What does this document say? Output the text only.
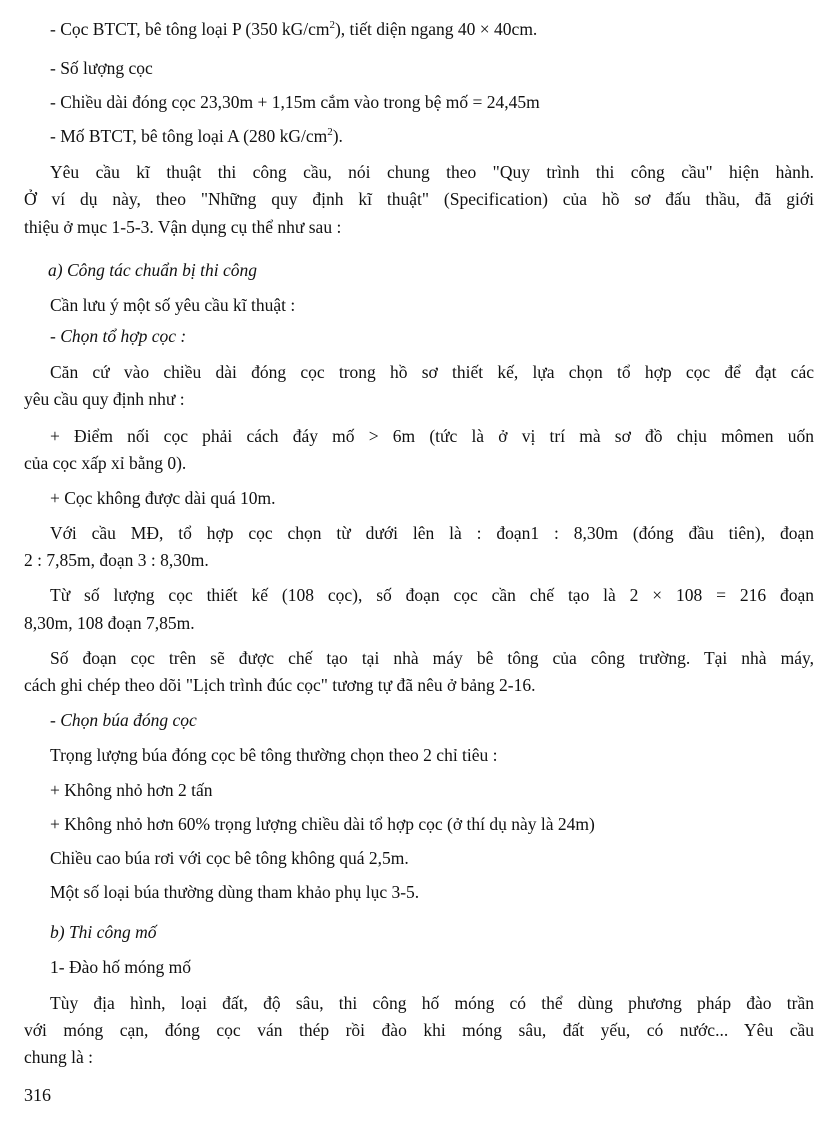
- Cọc BTCT, bê tông loại P (350 $kG/cm^2$), tiết diện ngang 40 × 40cm.
- Số lượng cọc
- Chiều dài đóng cọc 23,30m + 1,15m cắm vào trong bệ mố = 24,45m
- Mố BTCT, bê tông loại A (280 $kG/cm^2$).
Yêu cầu kĩ thuật thi công cầu, nói chung theo "Quy trình thi công cầu" hiện hành.
Ở ví dụ này, theo "Những quy định kĩ thuật" (Specification) của hồ sơ đấu thầu, đã giới
thiệu ở mục 1-5-3. Vận dụng cụ thể như sau :
a) Công tác chuẩn bị thi công
Cần lưu ý một số yêu cầu kĩ thuật :
- Chọn tổ hợp cọc :
Căn cứ vào chiều dài đóng cọc trong hồ sơ thiết kế, lựa chọn tổ hợp cọc để đạt các
yêu cầu quy định như :
+ Điểm nối cọc phải cách đáy mố > 6m (tức là ở vị trí mà sơ đồ chịu mômen uốn
của cọc xấp xỉ bằng 0).
+ Cọc không được dài quá 10m.
Với cầu MĐ, tổ hợp cọc chọn từ dưới lên là : đoạn1 : 8,30m (đóng đầu tiên), đoạn
2 : 7,85m, đoạn 3 : 8,30m.
Từ số lượng cọc thiết kế (108 cọc), số đoạn cọc cần chế tạo là 2 × 108 = 216 đoạn
8,30m, 108 đoạn 7,85m.
Số đoạn cọc trên sẽ được chế tạo tại nhà máy bê tông của công trường. Tại nhà máy,
cách ghi chép theo dõi "Lịch trình đúc cọc" tương tự đã nêu ở bảng 2-16.
- Chọn búa đóng cọc
Trọng lượng búa đóng cọc bê tông thường chọn theo 2 chỉ tiêu :
+ Không nhỏ hơn 2 tấn
+ Không nhỏ hơn 60% trọng lượng chiều dài tổ hợp cọc (ở thí dụ này là 24m)
Chiều cao búa rơi với cọc bê tông không quá 2,5m.
Một số loại búa thường dùng tham khảo phụ lục 3-5.
b) Thi công mố
1- Đào hố móng mố
Tùy địa hình, loại đất, độ sâu, thi công hố móng có thể dùng phương pháp đào trần
với móng cạn, đóng cọc ván thép rồi đào khi móng sâu, đất yếu, có nước... Yêu cầu
chung là :
316
